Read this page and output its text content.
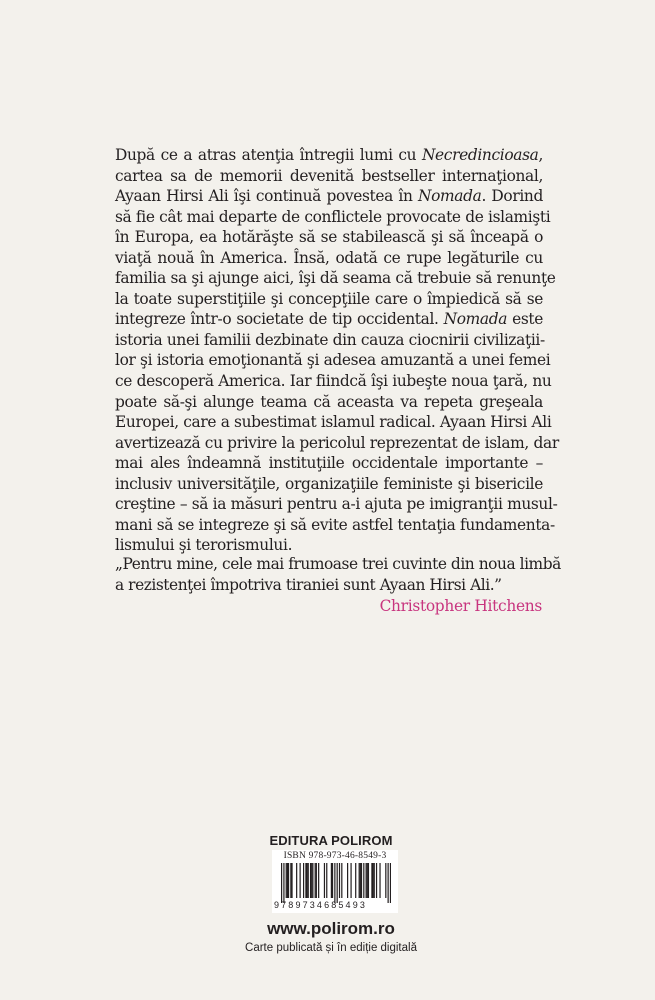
După ce a atras atenţia întregii lumi cu Necredincioasa,
cartea sa de memorii devenită bestseller internaţional,
Ayaan Hirsi Ali îşi continuă povestea în Nomada. Dorind
să fie cât mai departe de conflictele provocate de islamişti
în Europa, ea hotărăşte să se stabilească şi să înceapă o
viaţă nouă în America. Însă, odată ce rupe legăturile cu
familia sa şi ajunge aici, îşi dă seama că trebuie să renunţe
la toate superstiţiile şi concepţiile care o împiedică să se
integreze într-o societate de tip occidental. Nomada este
istoria unei familii dezbinate din cauza ciocnirii civilizaţii-
lor şi istoria emoţionantă şi adesea amuzantă a unei femei
ce descoperă America. Iar fiindcă îşi iubeşte noua ţară, nu
poate să-şi alunge teama că aceasta va repeta greşeala
Europei, care a subestimat islamul radical. Ayaan Hirsi Ali
avertizează cu privire la pericolul reprezentat de islam, dar
mai ales îndeamnă instituţiile occidentale importante –
inclusiv universităţile, organizaţiile feministe şi bisericile
creştine – să ia măsuri pentru a-i ajuta pe imigranţii musul-
mani să se integreze şi să evite astfel tentaţia fundamenta-
lismului şi terorismului.
„Pentru mine, cele mai frumoase trei cuvinte din noua limbă
a rezistenţei împotriva tiraniei sunt Ayaan Hirsi Ali.”
Christopher Hitchens
EDITURA POLIROM
ISBN 978-973-46-8549-3
9789734685493
www.polirom.ro
Carte publicată și în ediție digitală
